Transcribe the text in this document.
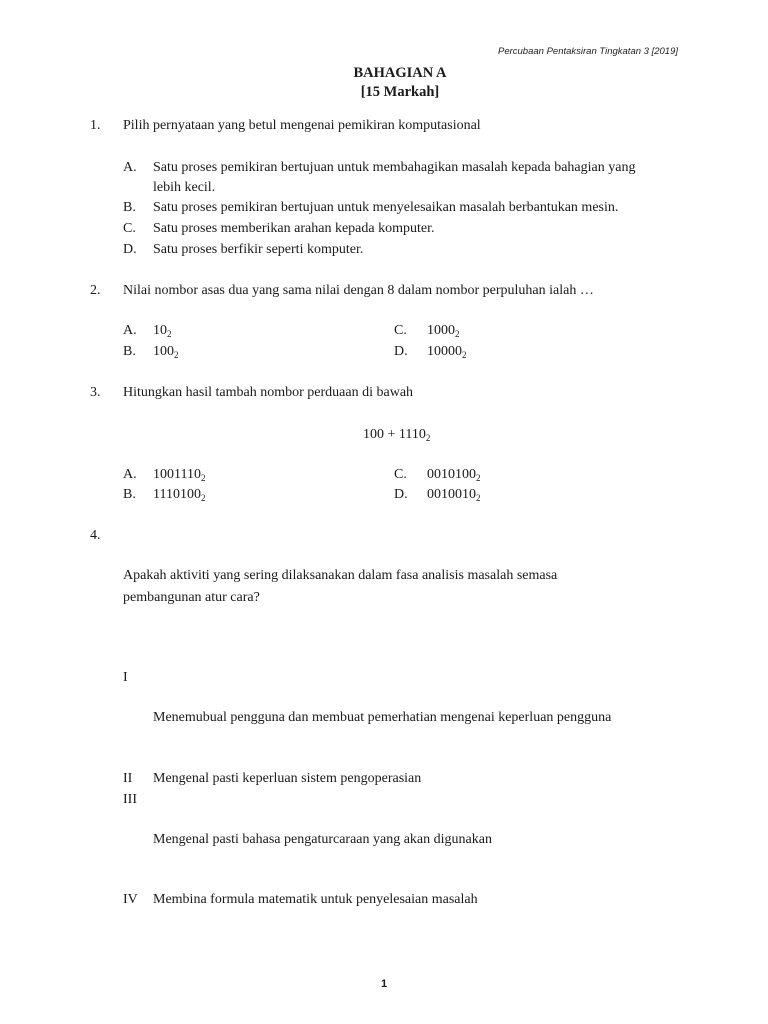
Percubaan Pentaksiran Tingkatan 3 [2019]
BAHAGIAN A
[15 Markah]
1. Pilih pernyataan yang betul mengenai pemikiran komputasional
A. Satu proses pemikiran bertujuan untuk membahagikan masalah kepada bahagian yang
lebih kecil.
B. Satu proses pemikiran bertujuan untuk menyelesaikan masalah berbantukan mesin.
C. Satu proses memberikan arahan kepada komputer.
D. Satu proses berfikir seperti komputer.
2. Nilai nombor asas dua yang sama nilai dengan 8 dalam nombor perpuluhan ialah …
A. $10_2$
B. $100_2$
C. $1000_2$
D. $10000_2$
3. Hitungkan hasil tambah nombor perduaan di bawah
$100 + 1110_2$
A. $1001110_2$
B. $1110100_2$
C. $0010100_2$
D. $0010010_2$
4.
Apakah aktiviti yang sering dilaksanakan dalam fasa analisis masalah semasa
pembangunan atur cara?
I
Menemubual pengguna dan membuat pemerhatian mengenai keperluan pengguna
II Mengenal pasti keperluan sistem pengoperasian
III
Mengenal pasti bahasa pengaturcaraan yang akan digunakan
IV Membina formula matematik untuk penyelesaian masalah
1
